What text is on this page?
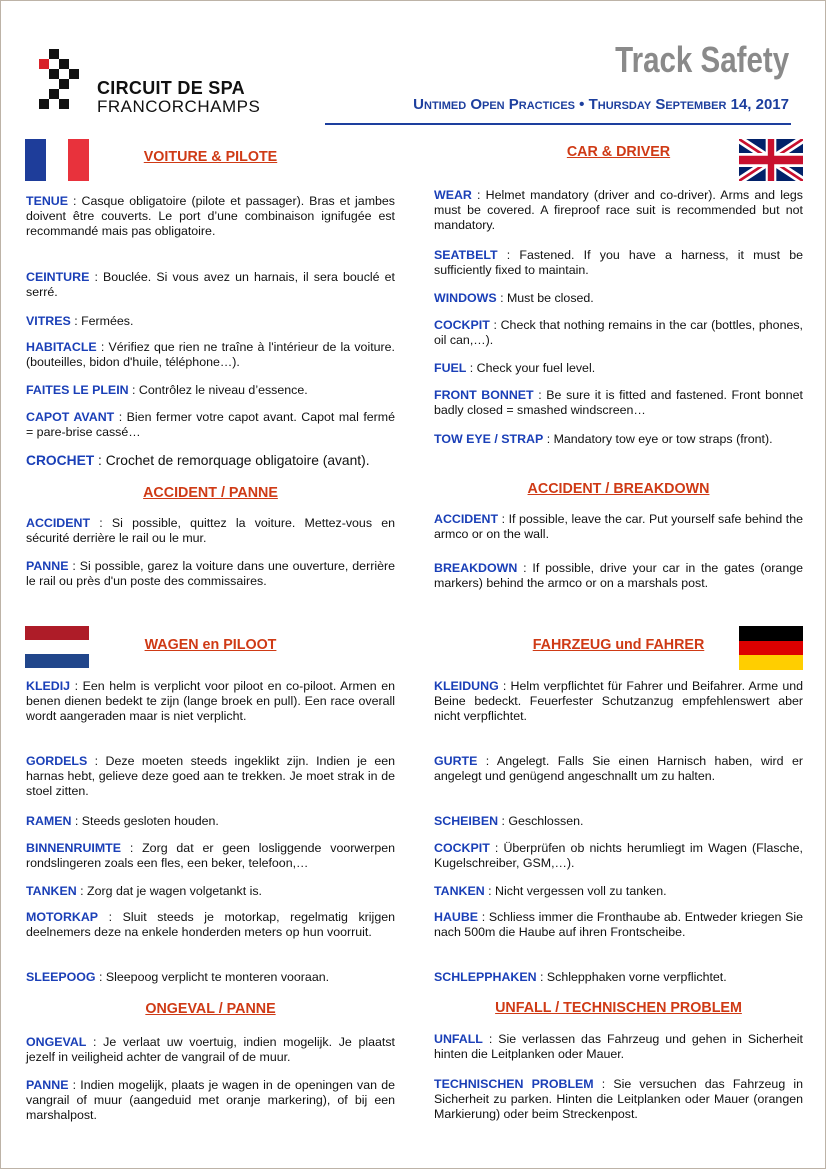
CIRCUIT DE SPA
FRANCORCHAMPS
Track Safety
Untimed Open Practices • Thursday September 14, 2017
VOITURE & PILOTE
TENUE : Casque obligatoire (pilote et passager). Bras et jambes doivent être couverts. Le port d’une combinaison ignifugée est recommandé mais pas obligatoire.
CEINTURE : Bouclée. Si vous avez un harnais, il sera bouclé et serré.
VITRES : Fermées.
HABITACLE : Vérifiez que rien ne traîne à l'intérieur de la voiture. (bouteilles, bidon d'huile, téléphone…).
FAITES LE PLEIN : Contrôlez le niveau d’essence.
CAPOT AVANT : Bien fermer votre capot avant. Capot mal fermé = pare-brise cassé…
CROCHET : Crochet de remorquage obligatoire (avant).
ACCIDENT / PANNE
ACCIDENT : Si possible, quittez la voiture. Mettez-vous en sécurité derrière le rail ou le mur.
PANNE : Si possible, garez la voiture dans une ouverture, derrière le rail ou près d'un poste des commissaires.
CAR & DRIVER
WEAR : Helmet mandatory (driver and co-driver). Arms and legs must be covered. A fireproof race suit is recommended but not mandatory.
SEATBELT : Fastened. If you have a harness, it must be sufficiently fixed to maintain.
WINDOWS : Must be closed.
COCKPIT : Check that nothing remains in the car (bottles, phones, oil can,…).
FUEL : Check your fuel level.
FRONT BONNET : Be sure it is fitted and fastened. Front bonnet badly closed = smashed windscreen…
TOW EYE / STRAP : Mandatory tow eye or tow straps (front).
ACCIDENT / BREAKDOWN
ACCIDENT : If possible, leave the car. Put yourself safe behind the armco or on the wall.
BREAKDOWN : If possible, drive your car in the gates (orange markers) behind the armco or on a marshals post.
WAGEN en PILOOT
KLEDIJ : Een helm is verplicht voor piloot en co-piloot. Armen en benen dienen bedekt te zijn (lange broek en pull). Een race overall wordt aangeraden maar is niet verplicht.
GORDELS : Deze moeten steeds ingeklikt zijn. Indien je een harnas hebt, gelieve deze goed aan te trekken. Je moet strak in de stoel zitten.
RAMEN : Steeds gesloten houden.
BINNENRUIMTE : Zorg dat er geen losliggende voorwerpen rondslingeren zoals een fles, een beker, telefoon,…
TANKEN : Zorg dat je wagen volgetankt is.
MOTORKAP : Sluit steeds je motorkap, regelmatig krijgen deelnemers deze na enkele honderden meters op hun voorruit.
SLEEPOOG : Sleepoog verplicht te monteren vooraan.
ONGEVAL / PANNE
ONGEVAL : Je verlaat uw voertuig, indien mogelijk. Je plaatst jezelf in veiligheid achter de vangrail of de muur.
PANNE : Indien mogelijk, plaats je wagen in de openingen van de vangrail of muur (aangeduid met oranje markering), of bij een marshalpost.
FAHRZEUG und FAHRER
KLEIDUNG : Helm verpflichtet für Fahrer und Beifahrer. Arme und Beine bedeckt. Feuerfester Schutzanzug empfehlenswert aber nicht verpflichtet.
GURTE : Angelegt. Falls Sie einen Harnisch haben, wird er angelegt und genügend angeschnallt um zu halten.
SCHEIBEN : Geschlossen.
COCKPIT : Überprüfen ob nichts herumliegt im Wagen (Flasche, Kugelschreiber, GSM,…).
TANKEN : Nicht vergessen voll zu tanken.
HAUBE : Schliess immer die Fronthaube ab. Entweder kriegen Sie nach 500m die Haube auf ihren Frontscheibe.
SCHLEPPHAKEN : Schlepphaken vorne verpflichtet.
UNFALL / TECHNISCHEN PROBLEM
UNFALL : Sie verlassen das Fahrzeug und gehen in Sicherheit hinten die Leitplanken oder Mauer.
TECHNISCHEN PROBLEM : Sie versuchen das Fahrzeug in Sicherheit zu parken. Hinten die Leitplanken oder Mauer (orangen Markierung) oder beim Streckenpost.
